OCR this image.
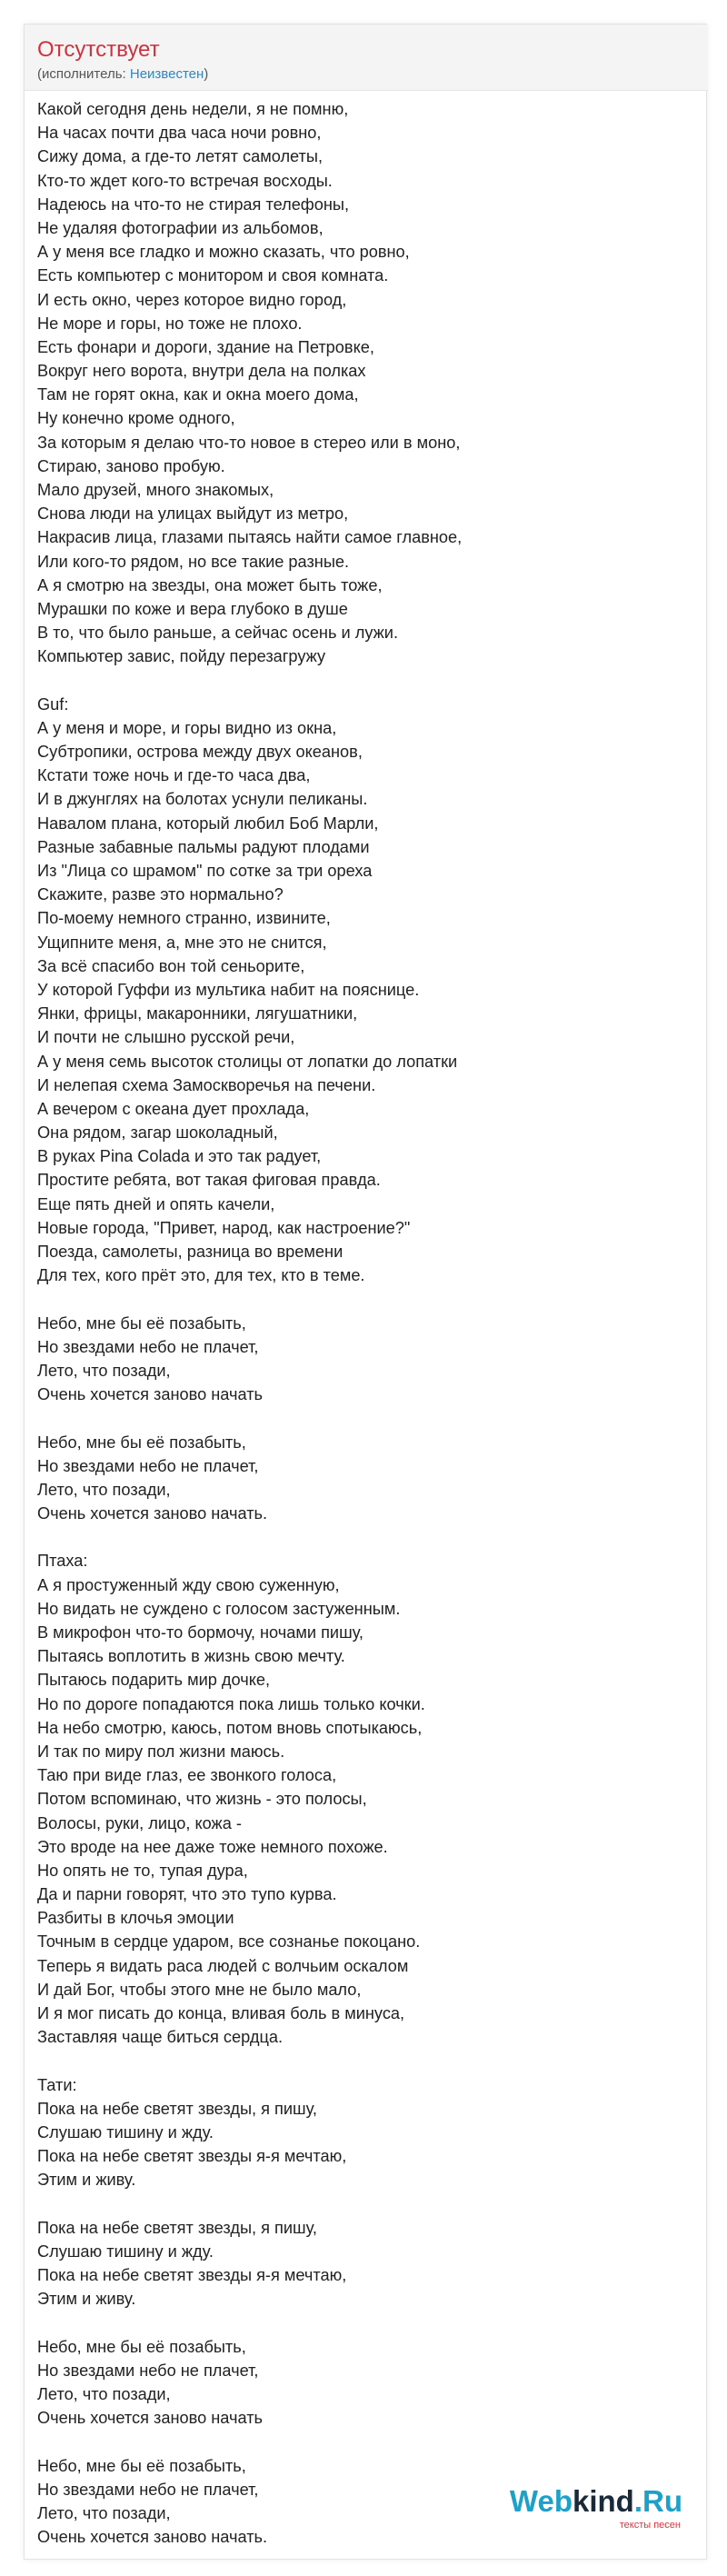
Отсутствует
(исполнитель: Неизвестен)
Какой сегодня день недели, я не помню,
На часах почти два часа ночи ровно,
Сижу дома, а где-то летят самолеты,
Кто-то ждет кого-то встречая восходы.
Надеюсь на что-то не стирая телефоны,
Не удаляя фотографии из альбомов,
А у меня все гладко и можно сказать, что ровно,
Есть компьютер с монитором и своя комната.
И есть окно, через которое видно город,
Не море и горы, но тоже не плохо.
Есть фонари и дороги, здание на Петровке,
Вокруг него ворота, внутри дела на полках
Там не горят окна, как и окна моего дома,
Ну конечно кроме одного,
За которым я делаю что-то новое в стерео или в моно,
Стираю, заново пробую.
Мало друзей, много знакомых,
Снова люди на улицах выйдут из метро,
Накрасив лица, глазами пытаясь найти самое главное,
Или кого-то рядом, но все такие разные.
А я смотрю на звезды, она может быть тоже,
Мурашки по коже и вера глубоко в душе
В то, что было раньше, а сейчас осень и лужи.
Компьютер завис, пойду перезагружу
Guf:
А у меня и море, и горы видно из окна,
Субтропики, острова между двух океанов,
Кстати тоже ночь и где-то часа два,
И в джунглях на болотах уснули пеликаны.
Навалом плана, который любил Боб Марли,
Разные забавные пальмы радуют плодами
Из "Лица со шрамом" по сотке за три ореха
Скажите, разве это нормально?
По-моему немного странно, извините,
Ущипните меня, а, мне это не снится,
За всё спасибо вон той сеньорите,
У которой Гуффи из мультика набит на пояснице.
Янки, фрицы, макаронники, лягушатники,
И почти не слышно русской речи,
А у меня семь высоток столицы от лопатки до лопатки
И нелепая схема Замоскворечья на печени.
А вечером с океана дует прохлада,
Она рядом, загар шоколадный,
В руках Pina Colada и это так радует,
Простите ребята, вот такая фиговая правда.
Еще пять дней и опять качели,
Новые города, "Привет, народ, как настроение?"
Поезда, самолеты, разница во времени
Для тех, кого прёт это, для тех, кто в теме.
Небо, мне бы её позабыть,
Но звездами небо не плачет,
Лето, что позади,
Очень хочется заново начать
Небо, мне бы её позабыть,
Но звездами небо не плачет,
Лето, что позади,
Очень хочется заново начать.
Птаха:
А я простуженный жду свою суженную,
Но видать не суждено с голосом застуженным.
В микрофон что-то бормочу, ночами пишу,
Пытаясь воплотить в жизнь свою мечту.
Пытаюсь подарить мир дочке,
Но по дороге попадаются пока лишь только кочки.
На небо смотрю, каюсь, потом вновь спотыкаюсь,
И так по миру пол жизни маюсь.
Таю при виде глаз, ее звонкого голоса,
Потом вспоминаю, что жизнь - это полосы,
Волосы, руки, лицо, кожа -
Это вроде на нее даже тоже немного похоже.
Но опять не то, тупая дура,
Да и парни говорят, что это тупо курва.
Разбиты в клочья эмоции
Точным в сердце ударом, все сознанье покоцано.
Теперь я видать раса людей с волчьим оскалом
И дай Бог, чтобы этого мне не было мало,
И я мог писать до конца, вливая боль в минуса,
Заставляя чаще биться сердца.
Тати:
Пока на небе светят звезды, я пишу,
Слушаю тишину и жду.
Пока на небе светят звезды я-я мечтаю,
Этим и живу.
Пока на небе светят звезды, я пишу,
Слушаю тишину и жду.
Пока на небе светят звезды я-я мечтаю,
Этим и живу.
Небо, мне бы её позабыть,
Но звездами небо не плачет,
Лето, что позади,
Очень хочется заново начать
Небо, мне бы её позабыть,
Но звездами небо не плачет,
Лето, что позади,
Очень хочется заново начать.
Webkind.Ru
тексты песен
